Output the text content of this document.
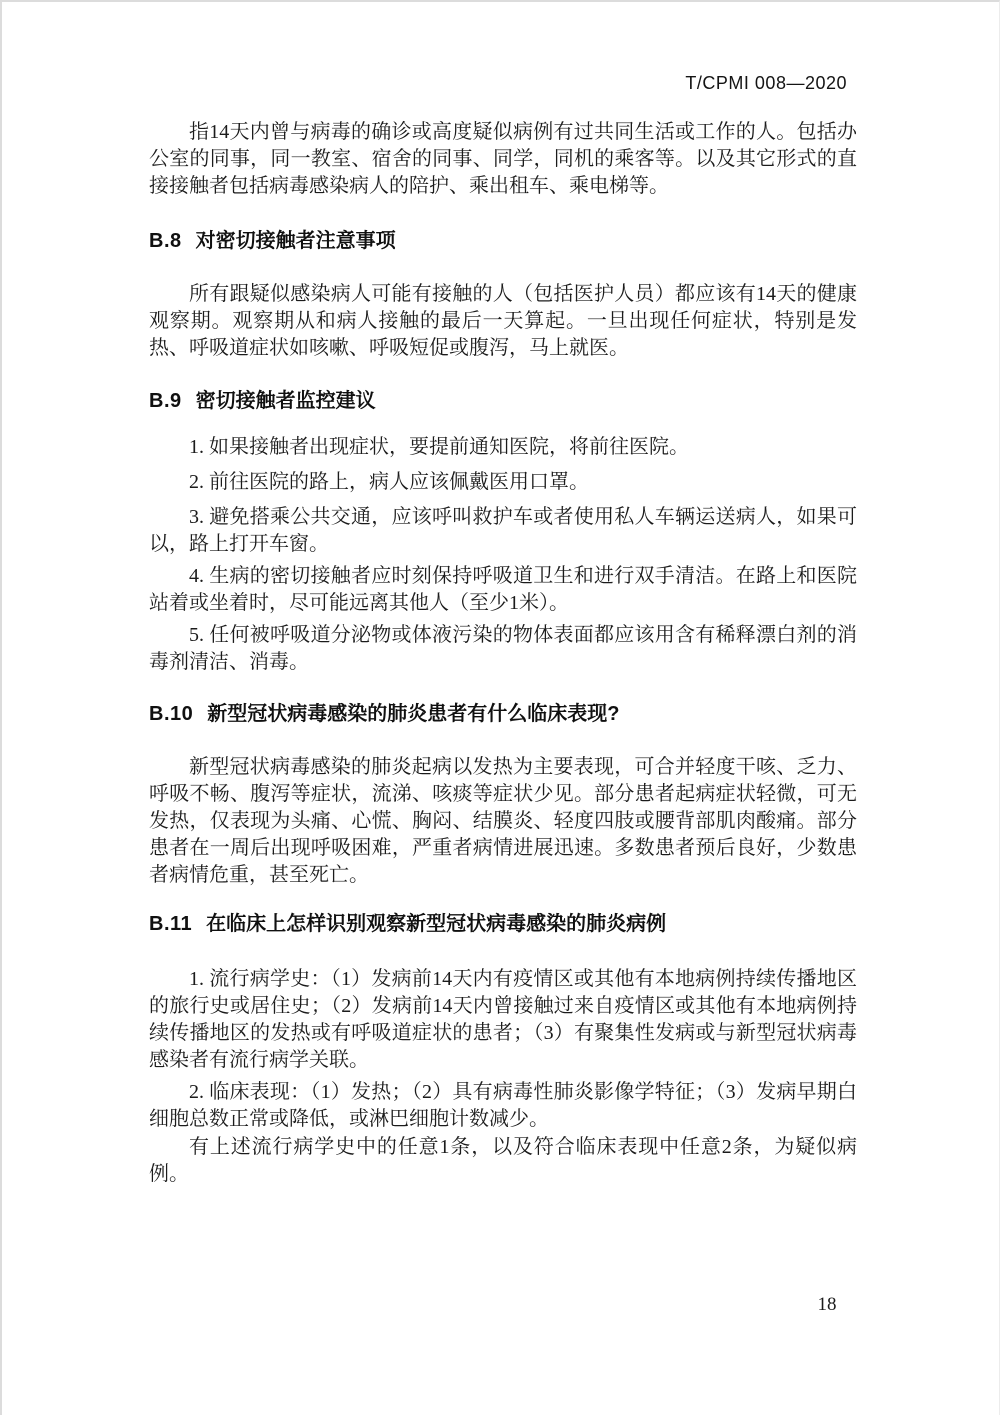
T/CPMI 008—2020

指14天内曾与病毒的确诊或高度疑似病例有过共同生活或工作的人。包括办公室的同事，同一教室、宿舍的同事、同学，同机的乘客等。以及其它形式的直接接触者包括病毒感染病人的陪护、乘出租车、乘电梯等。

B.8 对密切接触者注意事项

所有跟疑似感染病人可能有接触的人（包括医护人员）都应该有14天的健康观察期。观察期从和病人接触的最后一天算起。一旦出现任何症状，特别是发热、呼吸道症状如咳嗽、呼吸短促或腹泻，马上就医。

B.9 密切接触者监控建议

1. 如果接触者出现症状，要提前通知医院，将前往医院。

2. 前往医院的路上，病人应该佩戴医用口罩。

3. 避免搭乘公共交通，应该呼叫救护车或者使用私人车辆运送病人，如果可以，路上打开车窗。

4. 生病的密切接触者应时刻保持呼吸道卫生和进行双手清洁。在路上和医院站着或坐着时，尽可能远离其他人（至少1米）。

5. 任何被呼吸道分泌物或体液污染的物体表面都应该用含有稀释漂白剂的消毒剂清洁、消毒。

B.10 新型冠状病毒感染的肺炎患者有什么临床表现?

新型冠状病毒感染的肺炎起病以发热为主要表现，可合并轻度干咳、乏力、呼吸不畅、腹泻等症状，流涕、咳痰等症状少见。部分患者起病症状轻微，可无发热，仅表现为头痛、心慌、胸闷、结膜炎、轻度四肢或腰背部肌肉酸痛。部分患者在一周后出现呼吸困难，严重者病情进展迅速。多数患者预后良好，少数患者病情危重，甚至死亡。

B.11 在临床上怎样识别观察新型冠状病毒感染的肺炎病例

1. 流行病学史：（1）发病前14天内有疫情区或其他有本地病例持续传播地区的旅行史或居住史；（2）发病前14天内曾接触过来自疫情区或其他有本地病例持续传播地区的发热或有呼吸道症状的患者；（3）有聚集性发病或与新型冠状病毒感染者有流行病学关联。

2. 临床表现：（1）发热；（2）具有病毒性肺炎影像学特征；（3）发病早期白细胞总数正常或降低，或淋巴细胞计数减少。

有上述流行病学史中的任意1条，以及符合临床表现中任意2条，为疑似病例。

18
